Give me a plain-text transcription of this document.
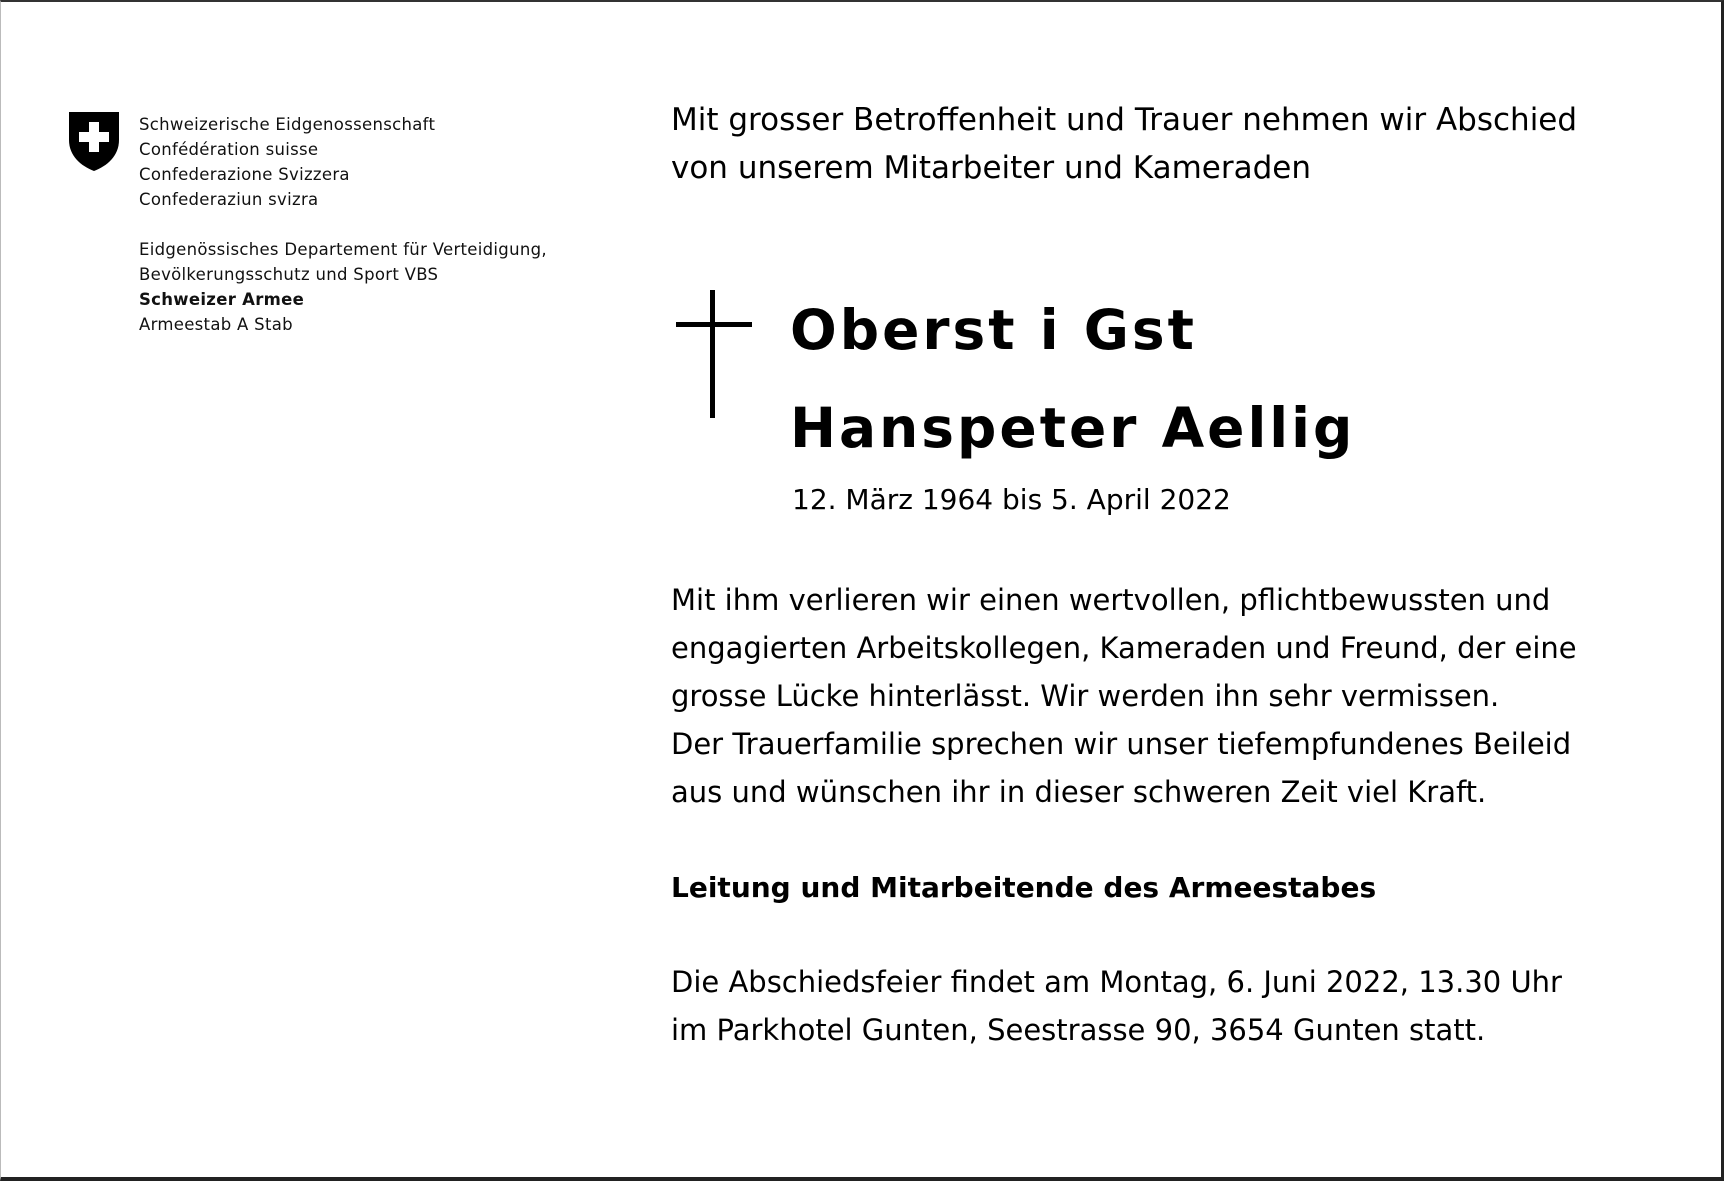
Schweizerische Eidgenossenschaft
Confédération suisse
Confederazione Svizzera
Confederaziun svizra
Eidgenössisches Departement für Verteidigung,
Bevölkerungsschutz und Sport VBS
Schweizer Armee
Armeestab A Stab
Mit grosser Betroffenheit und Trauer nehmen wir Abschied
von unserem Mitarbeiter und Kameraden
Oberst i Gst
Hanspeter Aellig
12. März 1964 bis 5. April 2022
Mit ihm verlieren wir einen wertvollen, pflichtbewussten und
engagierten Arbeitskollegen, Kameraden und Freund, der eine
grosse Lücke hinterlässt. Wir werden ihn sehr vermissen.
Der Trauerfamilie sprechen wir unser tiefempfundenes Beileid
aus und wünschen ihr in dieser schweren Zeit viel Kraft.
Leitung und Mitarbeitende des Armeestabes
Die Abschiedsfeier findet am Montag, 6. Juni 2022, 13.30 Uhr
im Parkhotel Gunten, Seestrasse 90, 3654 Gunten statt.
